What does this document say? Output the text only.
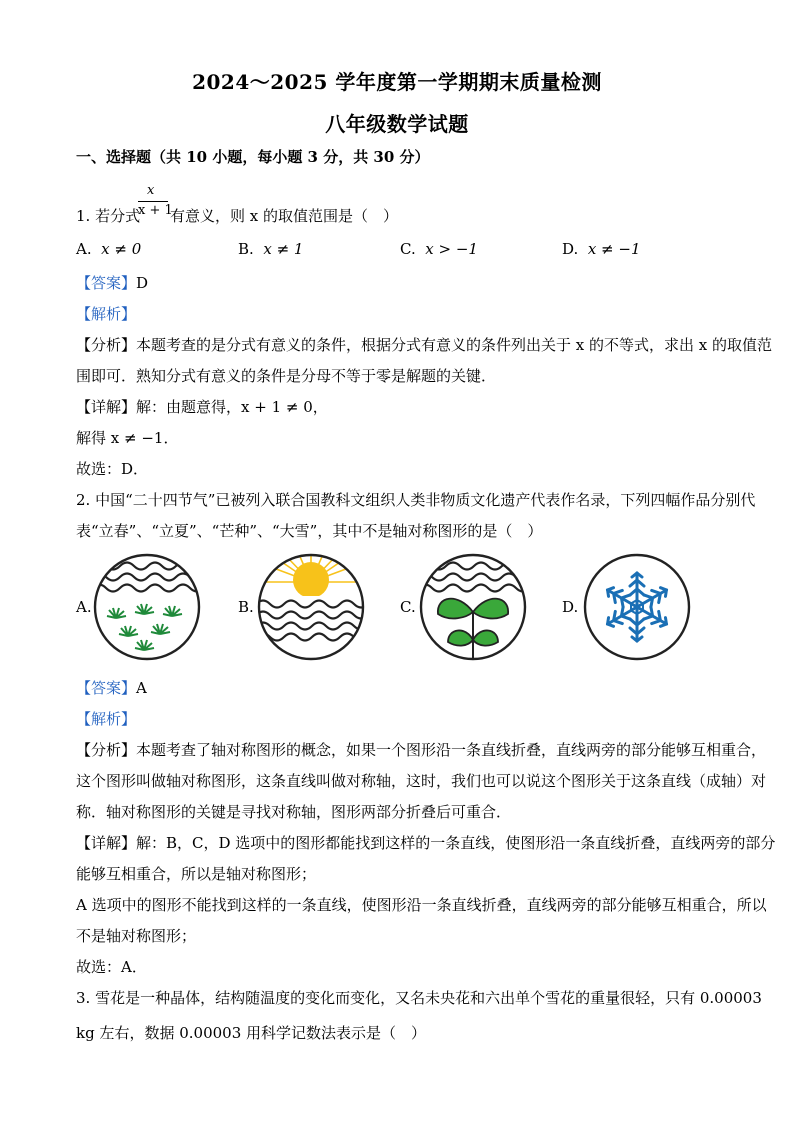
2024～2025 学年度第一学期期末质量检测
八年级数学试题
一、选择题（共 10 小题，每小题 3 分，共 30 分）
x
x + 1
1. 若分式 有意义，则 x 的取值范围是（　）
A. x ≠ 0	B. x ≠ 1	C. x > −1	D. x ≠ −1
【答案】D
【解析】
【分析】本题考查的是分式有意义的条件，根据分式有意义的条件列出关于 x 的不等式，求出 x 的取值范
围即可．熟知分式有意义的条件是分母不等于零是解题的关键．
【详解】解：由题意得，x + 1 ≠ 0，
解得 x ≠ −1．
故选：D．
2. 中国“二十四节气”已被列入联合国教科文组织人类非物质文化遗产代表作名录，下列四幅作品分别代
表“立春”、“立夏”、“芒种”、“大雪”，其中不是轴对称图形的是（　）
A.	B.	C.	D.
【答案】A
【解析】
【分析】本题考查了轴对称图形的概念，如果一个图形沿一条直线折叠，直线两旁的部分能够互相重合，
这个图形叫做轴对称图形，这条直线叫做对称轴，这时，我们也可以说这个图形关于这条直线（成轴）对
称．轴对称图形的关键是寻找对称轴，图形两部分折叠后可重合．
【详解】解：B，C，D 选项中的图形都能找到这样的一条直线，使图形沿一条直线折叠，直线两旁的部分
能够互相重合，所以是轴对称图形；
A 选项中的图形不能找到这样的一条直线，使图形沿一条直线折叠，直线两旁的部分能够互相重合，所以
不是轴对称图形；
故选：A．
3. 雪花是一种晶体，结构随温度的变化而变化，又名未央花和六出单个雪花的重量很轻，只有 0.00003
kg 左右，数据 0.00003 用科学记数法表示是（　）
